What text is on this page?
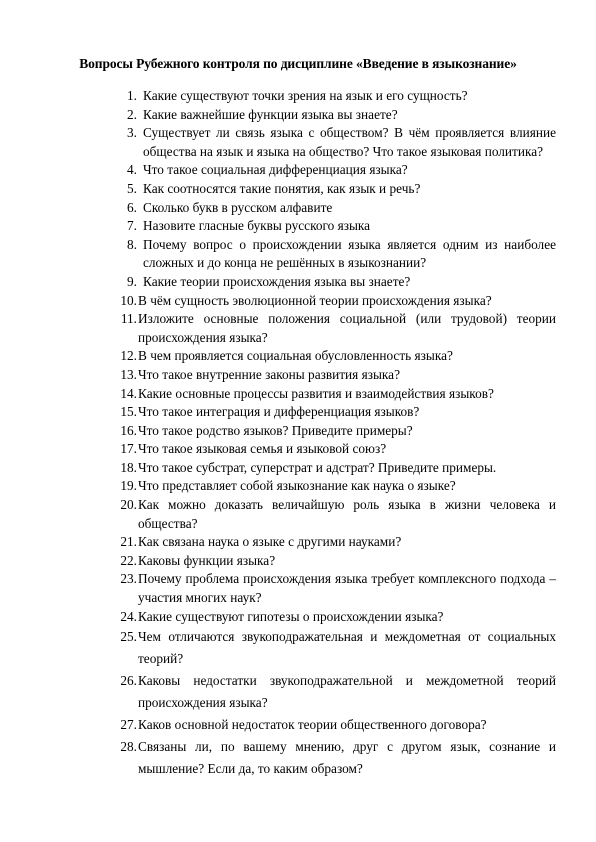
Вопросы Рубежного контроля по дисциплине «Введение в языкознание»
1. Какие существуют точки зрения на язык и его сущность?
2. Какие важнейшие функции языка вы знаете?
3. Существует ли связь языка с обществом? В чём проявляется влияние общества на язык и языка на общество? Что такое языковая политика?
4. Что такое социальная дифференциация языка?
5. Как соотносятся такие понятия, как язык и речь?
6. Сколько букв в русском алфавите
7. Назовите гласные буквы русского языка
8. Почему вопрос о происхождении языка является одним из наиболее сложных и до конца не решённых в языкознании?
9. Какие теории происхождения языка вы знаете?
10. В чём сущность эволюционной теории происхождения языка?
11. Изложите основные положения социальной (или трудовой) теории происхождения языка?
12. В чем проявляется социальная обусловленность языка?
13. Что такое внутренние законы развития языка?
14. Какие основные процессы развития и взаимодействия языков?
15. Что такое интеграция и дифференциация языков?
16. Что такое родство языков? Приведите примеры?
17. Что такое языковая семья и языковой союз?
18. Что такое субстрат, суперстрат и адстрат? Приведите примеры.
19. Что представляет собой языкознание как наука о языке?
20. Как можно доказать величайшую роль языка в жизни человека и общества?
21. Как связана наука о языке с другими науками?
22. Каковы функции языка?
23. Почему проблема происхождения языка требует комплексного подхода – участия многих наук?
24. Какие существуют гипотезы о происхождении языка?
25. Чем отличаются звукоподражательная и междометная от социальных теорий?
26. Каковы недостатки звукоподражательной и междометной теорий происхождения языка?
27. Каков основной недостаток теории общественного договора?
28. Связаны ли, по вашему мнению, друг с другом язык, сознание и мышление? Если да, то каким образом?
